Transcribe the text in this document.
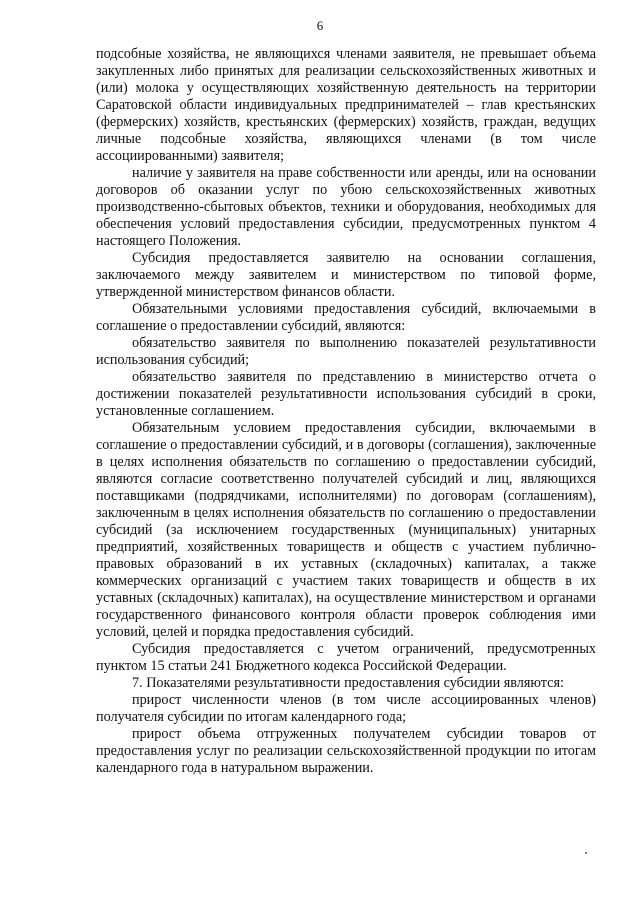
6

подсобные хозяйства, не являющихся членами заявителя, не превышает объема закупленных либо принятых для реализации сельскохозяйственных животных и (или) молока у осуществляющих хозяйственную деятельность на территории Саратовской области индивидуальных предпринимателей – глав крестьянских (фермерских) хозяйств, крестьянских (фермерских) хозяйств, граждан, ведущих личные подсобные хозяйства, являющихся членами (в том числе ассоциированными) заявителя;

наличие у заявителя на праве собственности или аренды, или на основании договоров об оказании услуг по убою сельскохозяйственных животных производственно-сбытовых объектов, техники и оборудования, необходимых для обеспечения условий предоставления субсидии, предусмотренных пунктом 4 настоящего Положения.

Субсидия предоставляется заявителю на основании соглашения, заключаемого между заявителем и министерством по типовой форме, утвержденной министерством финансов области.

Обязательными условиями предоставления субсидий, включаемыми в соглашение о предоставлении субсидий, являются:

обязательство заявителя по выполнению показателей результативности использования субсидий;

обязательство заявителя по представлению в министерство отчета о достижении показателей результативности использования субсидий в сроки, установленные соглашением.

Обязательным условием предоставления субсидии, включаемыми в соглашение о предоставлении субсидий, и в договоры (соглашения), заключенные в целях исполнения обязательств по соглашению о предоставлении субсидий, являются согласие соответственно получателей субсидий и лиц, являющихся поставщиками (подрядчиками, исполнителями) по договорам (соглашениям), заключенным в целях исполнения обязательств по соглашению о предоставлении субсидий (за исключением государственных (муниципальных) унитарных предприятий, хозяйственных товариществ и обществ с участием публично-правовых образований в их уставных (складочных) капиталах, а также коммерческих организаций с участием таких товариществ и обществ в их уставных (складочных) капиталах), на осуществление министерством и органами государственного финансового контроля области проверок соблюдения ими условий, целей и порядка предоставления субсидий.

Субсидия предоставляется с учетом ограничений, предусмотренных пунктом 15 статьи 241 Бюджетного кодекса Российской Федерации.

7. Показателями результативности предоставления субсидии являются:

прирост численности членов (в том числе ассоциированных членов) получателя субсидии по итогам календарного года;

прирост объема отгруженных получателем субсидии товаров от предоставления услуг по реализации сельскохозяйственной продукции по итогам календарного года в натуральном выражении.
